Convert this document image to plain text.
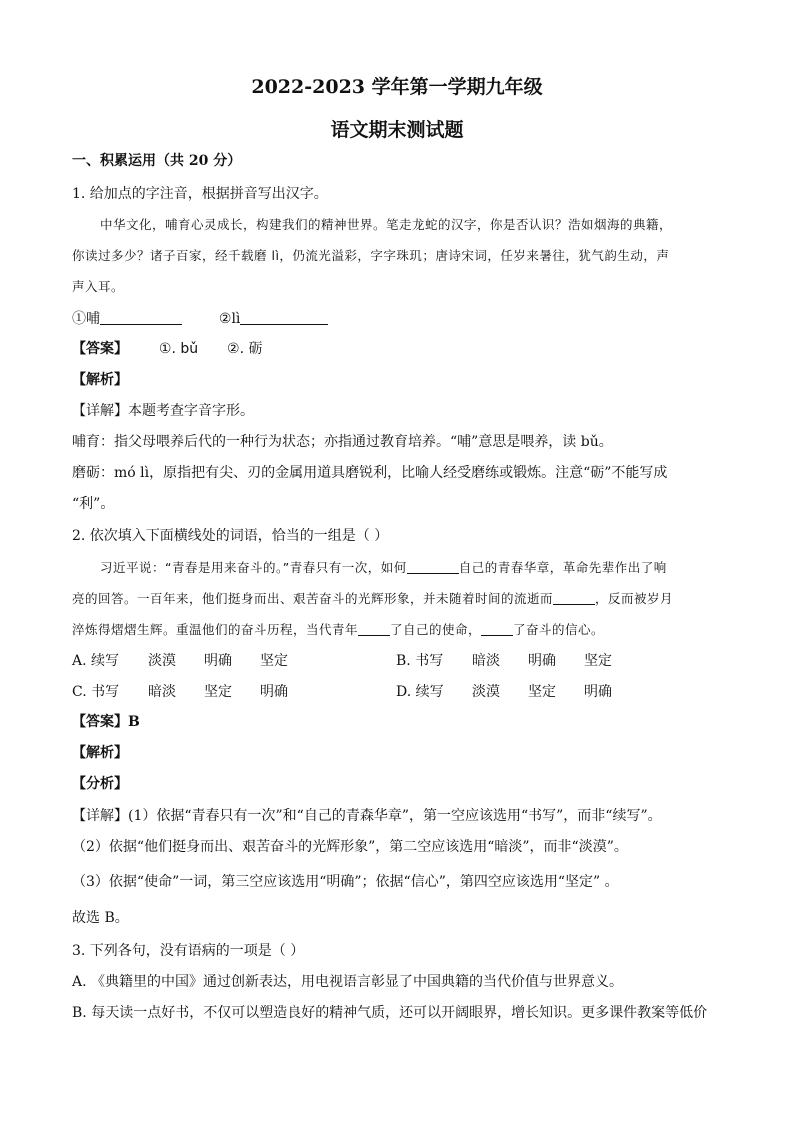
2022-2023 学年第一学期九年级
语文期末测试题
一、积累运用（共 20 分）
1. 给加点的字注音，根据拼音写出汉字。
中华文化，哺育心灵成长，构建我们的精神世界。笔走龙蛇的汉字，你是否认识？浩如烟海的典籍，
你读过多少？诸子百家，经千载磨 lì，仍流光溢彩，字字珠玑；唐诗宋词，任岁来暑往，犹气韵生动，声
声入耳。
①哺	②lì
【答案】 ①. bǔ ②. 砺
【解析】
【详解】本题考查字音字形。
哺育：指父母喂养后代的一种行为状态；亦指通过教育培养。“哺”意思是喂养，读 bǔ。
磨砺：mó lì，原指把有尖、刃的金属用道具磨锐利，比喻人经受磨练或锻炼。注意“砺”不能写成
“利”。
2. 依次填入下面横线处的词语，恰当的一组是（ ）
习近平说：“青春是用来奋斗的。”青春只有一次，如何	自己的青春华章，革命先辈作出了响
亮的回答。一百年来，他们挺身而出、艰苦奋斗的光辉形象，并未随着时间的流逝而	，反而被岁月
淬炼得熠熠生辉。重温他们的奋斗历程，当代青年	了自己的使命，	了奋斗的信心。
A. 续写 淡漠 明确 坚定	B. 书写 暗淡 明确 坚定
C. 书写 暗淡 坚定 明确	D. 续写 淡漠 坚定 明确
【答案】B
【解析】
【分析】
【详解】(1）依据“青春只有一次”和“自己的青森华章”，第一空应该选用“书写”，而非“续写”。
（2）依据“他们挺身而出、艰苦奋斗的光辉形象”，第二空应该选用“暗淡”，而非“淡漠”。
（3）依据“使命”一词，第三空应该选用“明确”；依据“信心”，第四空应该选用“坚定” 。
故选 B。
3. 下列各句，没有语病的一项是（ ）
A. 《典籍里的中国》通过创新表达，用电视语言彰显了中国典籍的当代价值与世界意义。
B. 每天读一点好书，不仅可以塑造良好的精神气质，还可以开阔眼界，增长知识。更多课件教案等低价
